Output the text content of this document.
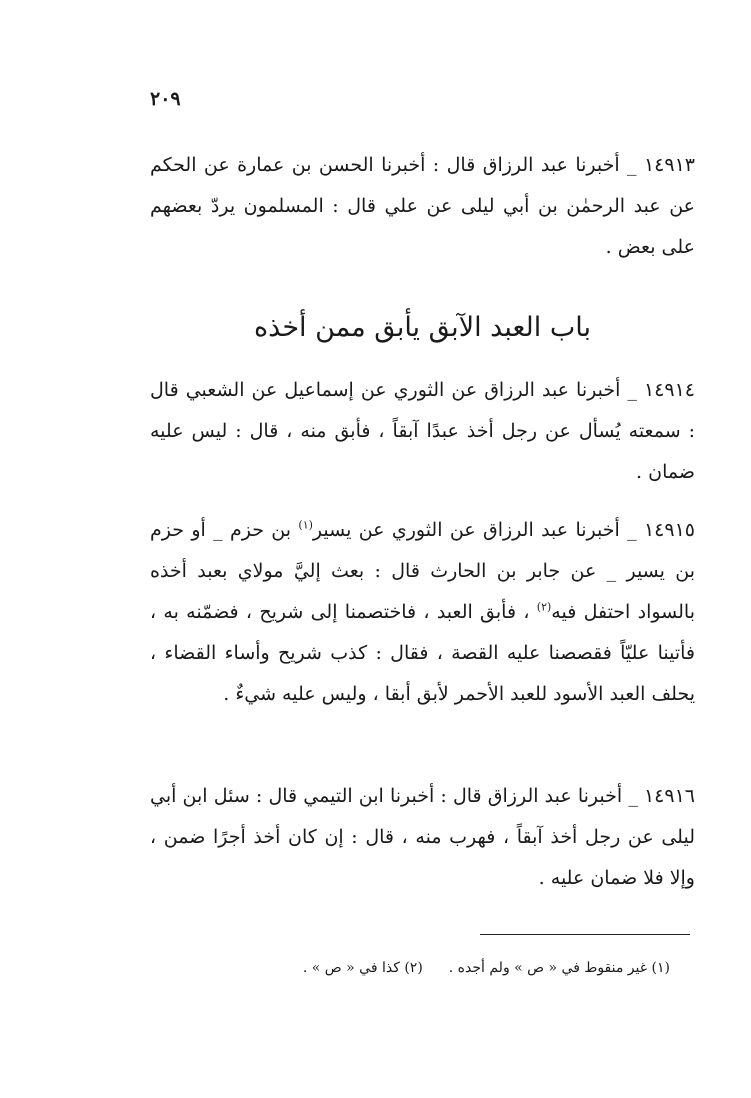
٢٠٩

١٤٩١٣ _ أخبرنا عبد الرزاق قال : أخبرنا الحسن بن عمارة عن الحكم عن عبد الرحمٰن بن أبي ليلى عن علي قال : المسلمون يردّ بعضهم على بعض .

باب العبد الآبق يأبق ممن أخذه

١٤٩١٤ _ أخبرنا عبد الرزاق عن الثوري عن إسماعيل عن الشعبي قال : سمعته يُسأل عن رجل أخذ عبدًا آبقاً ، فأبق منه ، قال : ليس عليه ضمان .

١٤٩١٥ _ أخبرنا عبد الرزاق عن الثوري عن يسير$^{(١)}$ بن حزم _ أو حزم بن يسير _ عن جابر بن الحارث قال : بعث إليَّ مولاي بعبد أخذه بالسواد احتفل فيه$^{(٢)}$ ، فأبق العبد ، فاختصمنا إلى شريح ، فضمّنه به ، فأتينا عليّاً فقصصنا عليه القصة ، فقال : كذب شريح وأساء القضاء ، يحلف العبد الأسود للعبد الأحمر لأبق أبقا ، وليس عليه شيءٌ .

١٤٩١٦ _ أخبرنا عبد الرزاق قال : أخبرنا ابن التيمي قال : سئل ابن أبي ليلى عن رجل أخذ آبقاً ، فهرب منه ، قال : إن كان أخذ أجرًا ضمن ، وإلا فلا ضمان عليه .

(١) غير منقوط في « ص » ولم أجده .(٢) كذا في « ص » .
